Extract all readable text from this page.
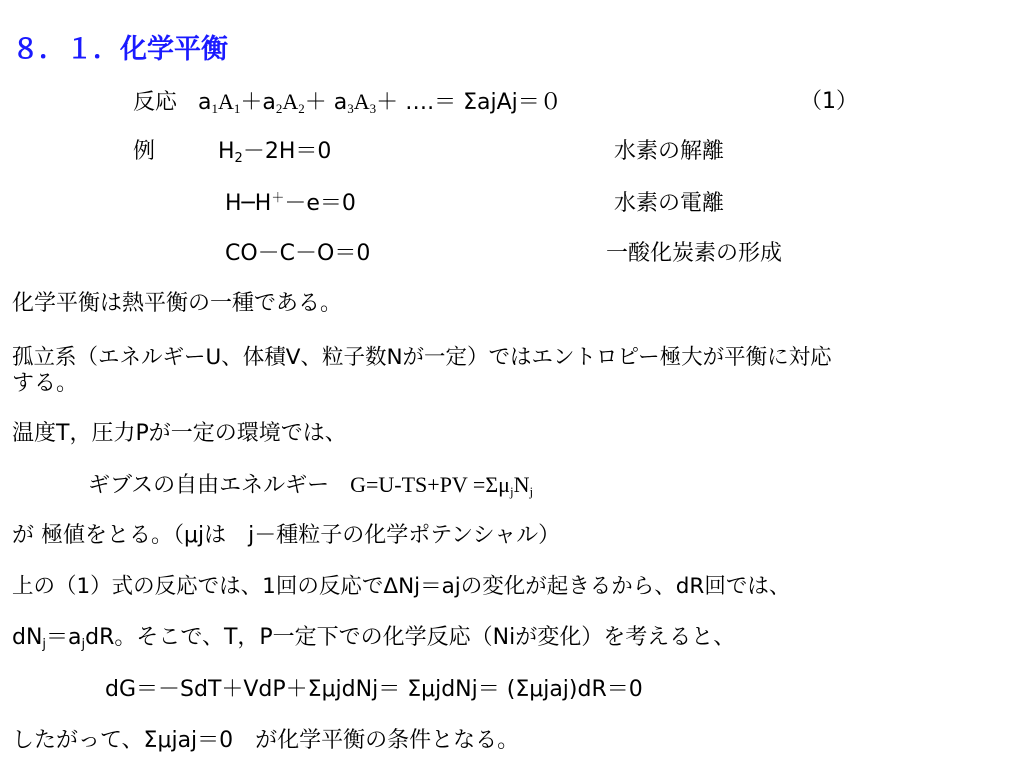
８．１．化学平衡
反応 $a_1A_1+a_2A_2+ a_3A_3+$ ….＝ ΣajAj＝０	（1）
例	$H_2-2H=0$	水素の解離
H─H＋－e＝0	水素の電離
CO－C－O＝0	一酸化炭素の形成
化学平衡は熱平衡の一種である。
孤立系（エネルギーU、体積V、粒子数Nが一定）ではエントロピー極大が平衡に対応
する。
温度T，圧力Pが一定の環境では、
ギブスの自由エネルギー $G=U-TS+PV =\Sigma\mu_jN_j$
が 極値をとる。（μjは　j－種粒子の化学ポテンシャル）
上の（1）式の反応では、1回の反応でΔNj＝ajの変化が起きるから、dR回では、
$dN_j=a_jdR$。そこで、T，P一定下での化学反応（Niが変化）を考えると、
dG＝－SdT＋VdP＋ΣμjdNj＝ ΣμjdNj＝ (Σμjaj)dR＝0
したがって、Σμjaj＝0　が化学平衡の条件となる。
